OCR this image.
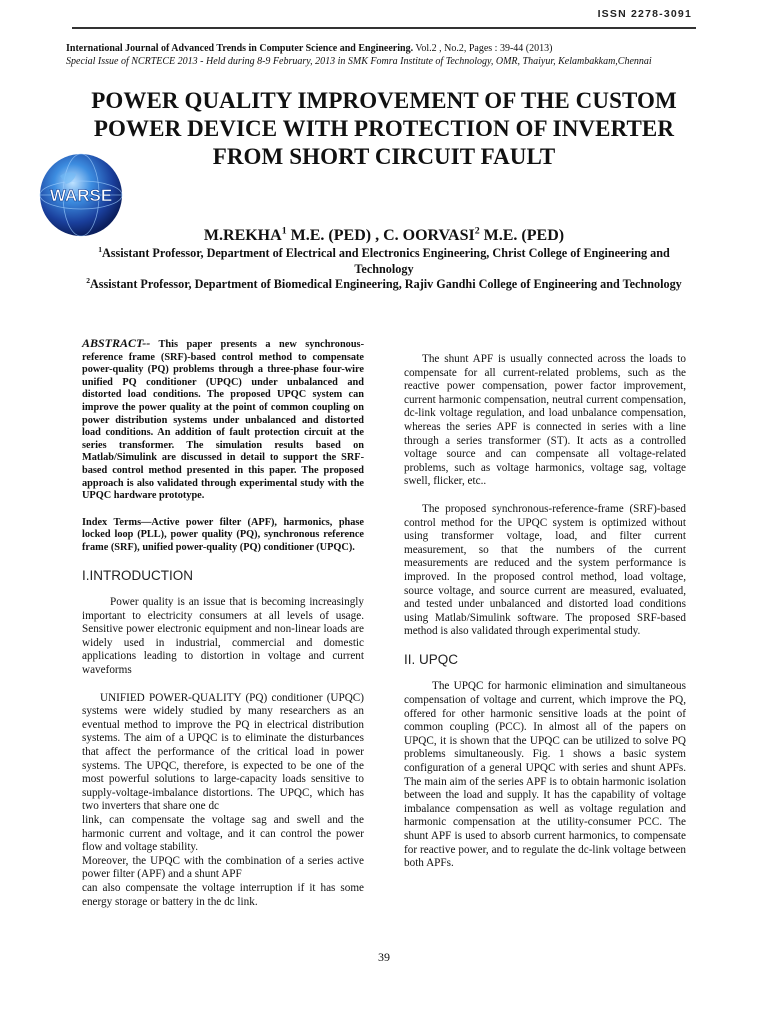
ISSN 2278-3091
International Journal of Advanced Trends in Computer Science and Engineering. Vol.2 , No.2, Pages : 39-44 (2013)
Special Issue of NCRTECE 2013 - Held during 8-9 February, 2013 in SMK Fomra Institute of Technology, OMR, Thaiyur, Kelambakkam,Chennai
POWER QUALITY IMPROVEMENT OF THE CUSTOM POWER DEVICE WITH PROTECTION OF INVERTER FROM SHORT CIRCUIT FAULT
WARSE
M.REKHA$^1$ M.E. (PED) , C. OORVASI$^2$ M.E. (PED)
$^1$Assistant Professor, Department of Electrical and Electronics Engineering, Christ College of Engineering and Technology
$^2$Assistant Professor, Department of Biomedical Engineering, Rajiv Gandhi College of Engineering and Technology

ABSTRACT-- This paper presents a new synchronous-reference frame (SRF)-based control method to compensate power-quality (PQ) problems through a three-phase four-wire unified PQ conditioner (UPQC) under unbalanced and distorted load conditions. The proposed UPQC system can improve the power quality at the point of common coupling on power distribution systems under unbalanced and distorted load conditions. An addition of fault protection circuit at the series transformer. The simulation results based on Matlab/Simulink are discussed in detail to support the SRF-based control method presented in this paper. The proposed approach is also validated through experimental study with the UPQC hardware prototype.

Index Terms—Active power filter (APF), harmonics, phase locked loop (PLL), power quality (PQ), synchronous reference frame (SRF), unified power-quality (PQ) conditioner (UPQC).

I.INTRODUCTION

Power quality is an issue that is becoming increasingly important to electricity consumers at all levels of usage. Sensitive power electronic equipment and non-linear loads are widely used in industrial, commercial and domestic applications leading to distortion in voltage and current waveforms

UNIFIED POWER-QUALITY (PQ) conditioner (UPQC) systems were widely studied by many researchers as an eventual method to improve the PQ in electrical distribution systems. The aim of a UPQC is to eliminate the disturbances that affect the performance of the critical load in power systems. The UPQC, therefore, is expected to be one of the most powerful solutions to large-capacity loads sensitive to supply-voltage-imbalance distortions. The UPQC, which has two inverters that share one dc

link, can compensate the voltage sag and swell and the harmonic current and voltage, and it can control the power flow and voltage stability.

Moreover, the UPQC with the combination of a series active power filter (APF) and a shunt APF

can also compensate the voltage interruption if it has some energy storage or battery in the dc link.

The shunt APF is usually connected across the loads to compensate for all current-related problems, such as the reactive power compensation, power factor improvement, current harmonic compensation, neutral current compensation, dc-link voltage regulation, and load unbalance compensation, whereas the series APF is connected in series with a line through a series transformer (ST). It acts as a controlled voltage source and can compensate all voltage-related problems, such as voltage harmonics, voltage sag, voltage swell, flicker, etc..

The proposed synchronous-reference-frame (SRF)-based control method for the UPQC system is optimized without using transformer voltage, load, and filter current measurement, so that the numbers of the current measurements are reduced and the system performance is improved. In the proposed control method, load voltage, source voltage, and source current are measured, evaluated, and tested under unbalanced and distorted load conditions using Matlab/Simulink software. The proposed SRF-based method is also validated through experimental study.

II. UPQC

The UPQC for harmonic elimination and simultaneous compensation of voltage and current, which improve the PQ, offered for other harmonic sensitive loads at the point of common coupling (PCC). In almost all of the papers on UPQC, it is shown that the UPQC can be utilized to solve PQ problems simultaneously. Fig. 1 shows a basic system configuration of a general UPQC with series and shunt APFs. The main aim of the series APF is to obtain harmonic isolation between the load and supply. It has the capability of voltage imbalance compensation as well as voltage regulation and harmonic compensation at the utility-consumer PCC. The shunt APF is used to absorb current harmonics, to compensate for reactive power, and to regulate the dc-link voltage between both APFs.

39
